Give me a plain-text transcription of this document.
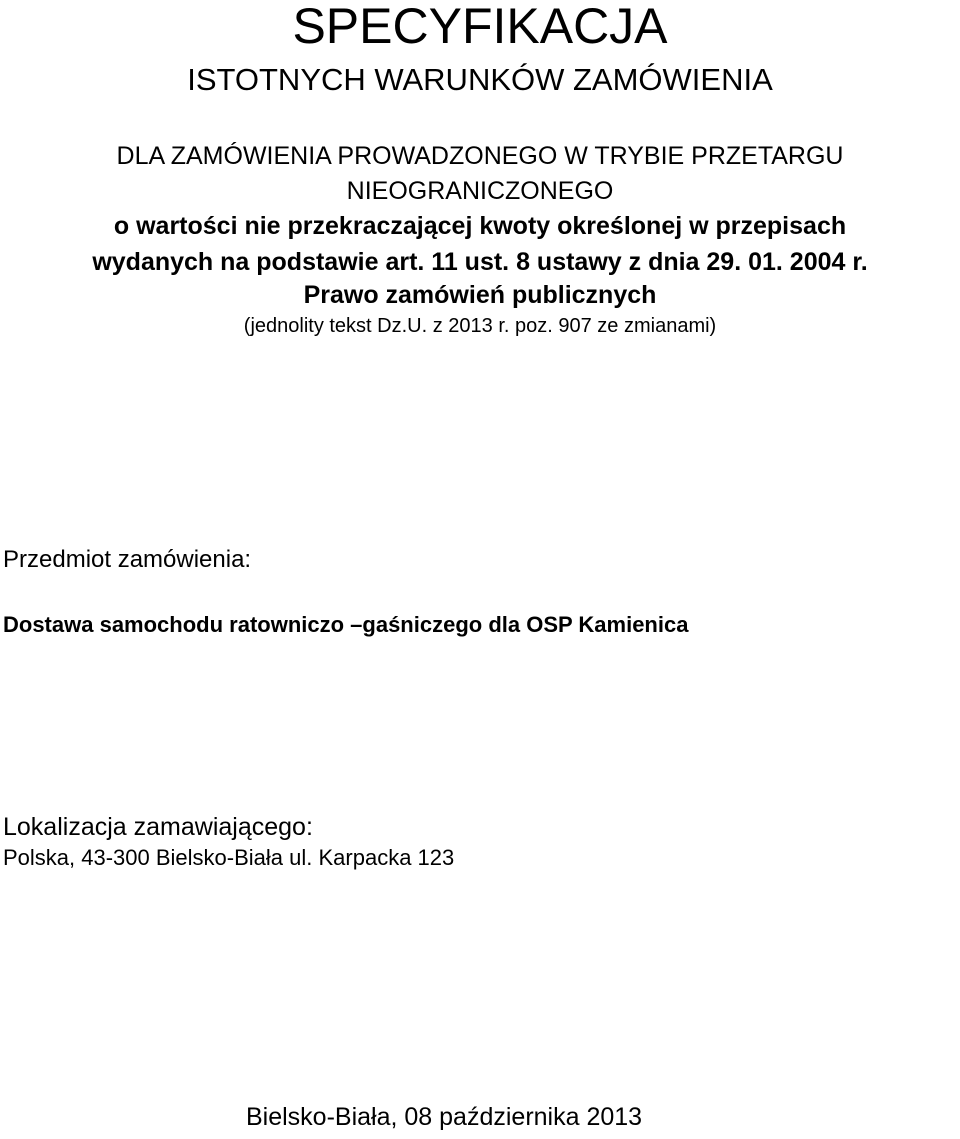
SPECYFIKACJA
ISTOTNYCH WARUNKÓW ZAMÓWIENIA
DLA ZAMÓWIENIA PROWADZONEGO W TRYBIE PRZETARGU
NIEOGRANICZONEGO
o wartości nie przekraczającej kwoty określonej w przepisach
wydanych na podstawie art. 11 ust. 8 ustawy z dnia 29. 01. 2004 r.
Prawo zamówień publicznych
(jednolity tekst Dz.U. z 2013 r. poz. 907 ze zmianami)
Przedmiot zamówienia:
Dostawa samochodu ratowniczo –gaśniczego dla OSP Kamienica
Lokalizacja zamawiającego:
Polska, 43-300 Bielsko-Biała ul. Karpacka 123
Bielsko-Biała, 08 października 2013
